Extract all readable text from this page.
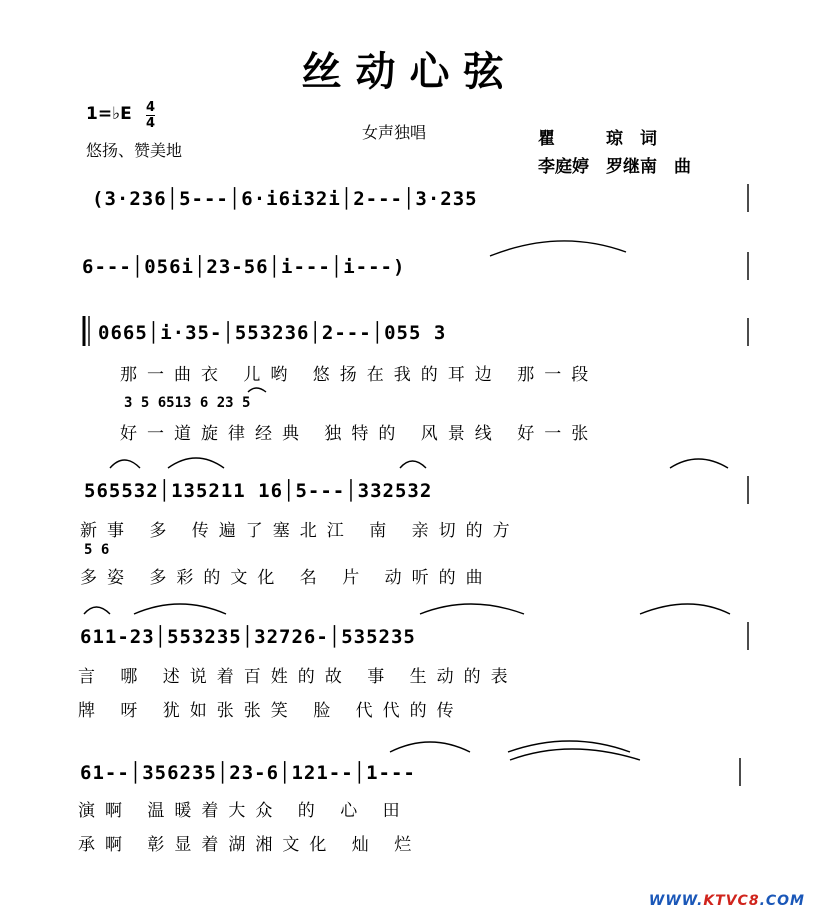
丝动心弦
1=♭E 4
4
悠扬、赞美地
女声独唱	瞿　　　琼　词
李庭婷　罗继南　曲
(3·236│5---│6·i6i32i│2---│3·235
6---│056i│23-56│i---│i---)
0665│i·35-│553236│2---│055 3
那一曲衣 儿哟 悠扬在我的耳边 那一段
3 5 6513 6 23 5
好一道旋律经典 独特的 风景线 好一张
565532│135211 16│5---│332532
新事 多 传遍了塞北江 南 亲切的方
5 6
多姿 多彩的文化 名 片 动听的曲
611-23│553235│32726-│535235
言 哪 述说着百姓的故 事 生动的表
牌 呀 犹如张张笑 脸 代代的传
61--│356235│23-6│121--│1---
演啊 温暖着大众 的 心 田
承啊 彰显着湖湘文化 灿 烂
WWW.KTVC8.COM
